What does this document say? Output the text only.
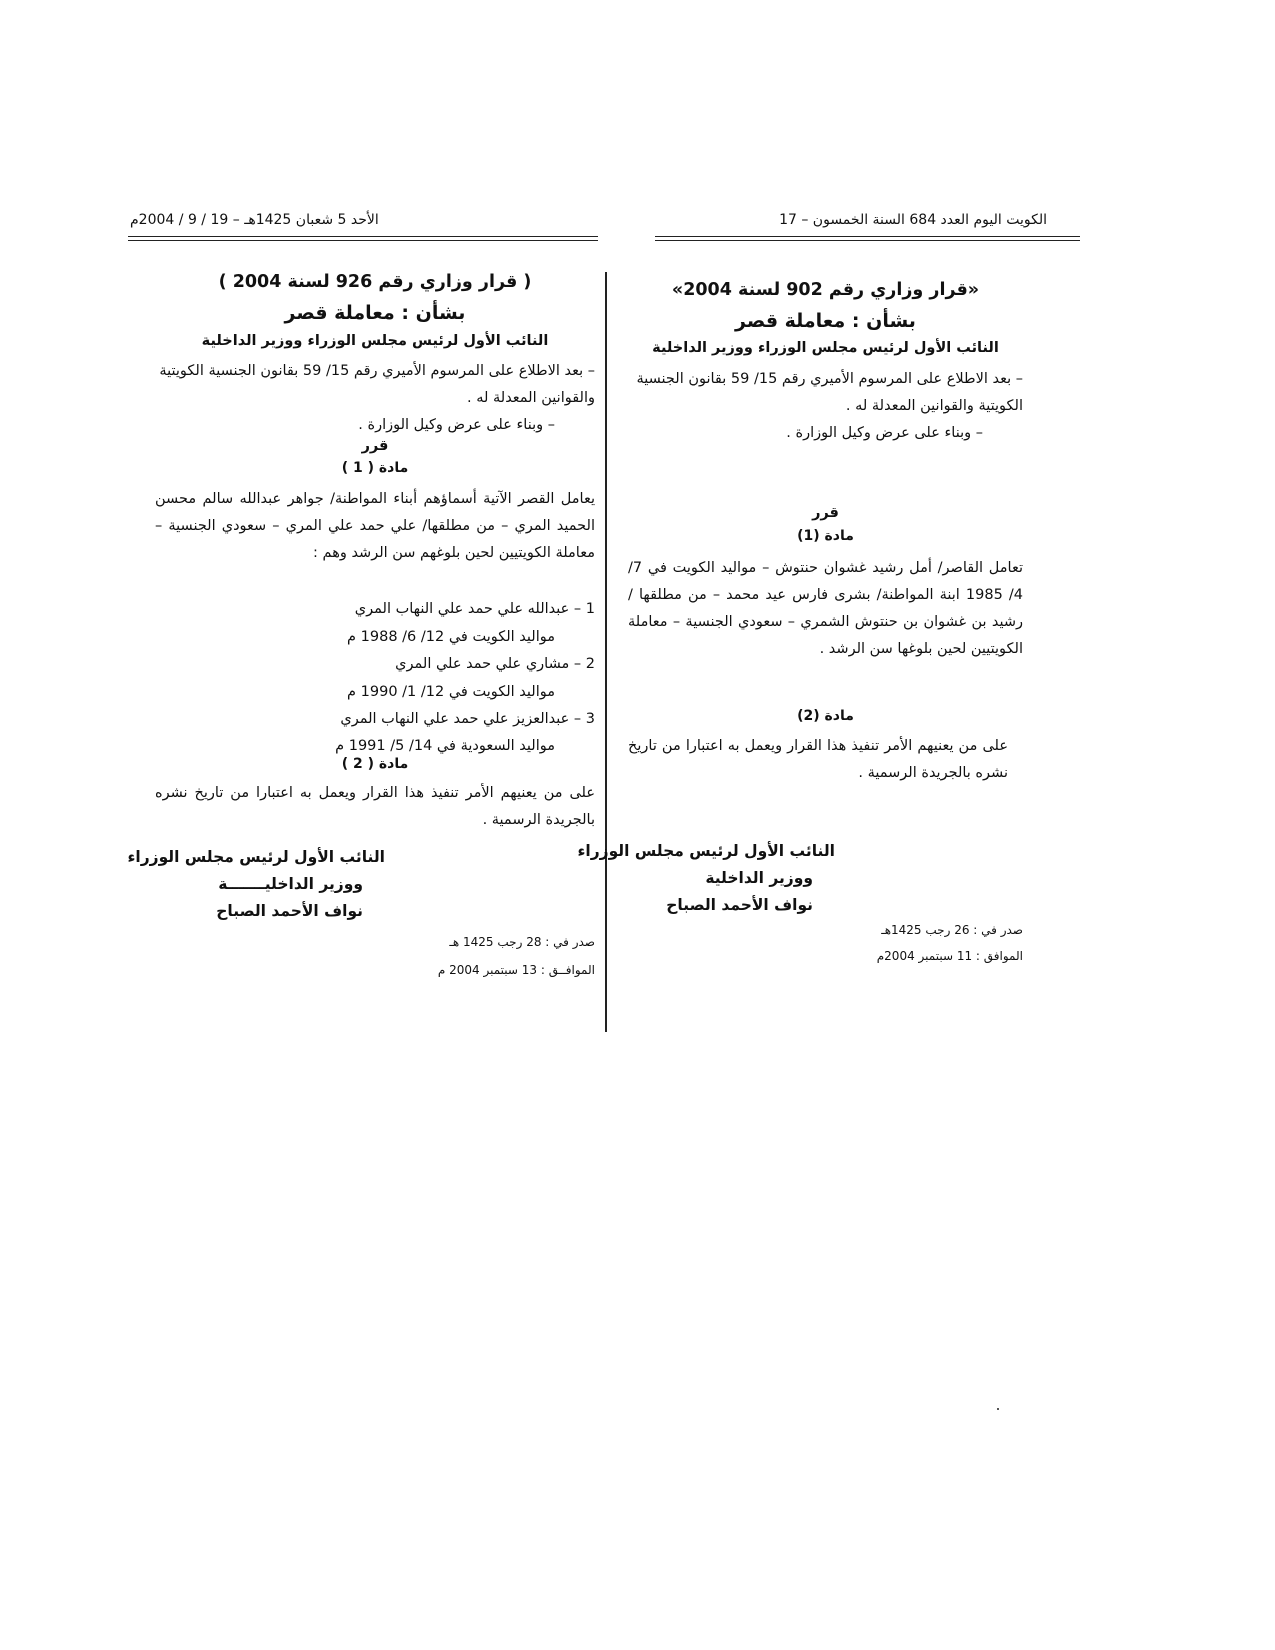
الكويت اليوم العدد 684 السنة الخمسون – 17
الأحد 5 شعبان 1425هـ – 19 / 9 / 2004م
«قرار وزاري رقم 902 لسنة 2004»
بشأن : معاملة قصر
النائب الأول لرئيس مجلس الوزراء ووزير الداخلية
– بعد الاطلاع على المرسوم الأميري رقم 15/ 59 بقانون الجنسية الكويتية والقوانين المعدلة له .
– وبناء على عرض وكيل الوزارة .
قرر
مادة (1)
تعامل القاصر/ أمل رشيد غشوان حنتوش – مواليد الكويت في 7/ 4/ 1985 ابنة المواطنة/ بشرى فارس عيد محمد – من مطلقها / رشيد بن غشوان بن حنتوش الشمري – سعودي الجنسية – معاملة الكويتيين لحين بلوغها سن الرشد .
مادة (2)
على من يعنيهم الأمر تنفيذ هذا القرار ويعمل به اعتبارا من تاريخ نشره بالجريدة الرسمية .
النائب الأول لرئيس مجلس الوزراء
ووزير الداخلية
نواف الأحمد الصباح
صدر في : 26 رجب 1425هـ
الموافق : 11 سبتمبر 2004م
( قرار وزاري رقم 926 لسنة 2004 )
بشأن : معاملة قصر
النائب الأول لرئيس مجلس الوزراء ووزير الداخلية
– بعد الاطلاع على المرسوم الأميري رقم 15/ 59 بقانون الجنسية الكويتية والقوانين المعدلة له .
– وبناء على عرض وكيل الوزارة .
قرر
مادة ( 1 )
يعامل القصر الآتية أسماؤهم أبناء المواطنة/ جواهر عبدالله سالم محسن الحميد المري – من مطلقها/ علي حمد علي المري – سعودي الجنسية – معاملة الكويتيين لحين بلوغهم سن الرشد وهم :
1 – عبدالله علي حمد علي النهاب المري
مواليد الكويت في 12/ 6/ 1988 م
2 – مشاري علي حمد علي المري
مواليد الكويت في 12/ 1/ 1990 م
3 – عبدالعزيز علي حمد علي النهاب المري
مواليد السعودية في 14/ 5/ 1991 م
مادة ( 2 )
على من يعنيهم الأمر تنفيذ هذا القرار ويعمل به اعتبارا من تاريخ نشره بالجريدة الرسمية .
النائب الأول لرئيس مجلس الوزراء
ووزير الداخليـــــــة
نواف الأحمد الصباح
صدر في : 28 رجب 1425 هـ
الموافــق : 13 سبتمبر 2004 م
